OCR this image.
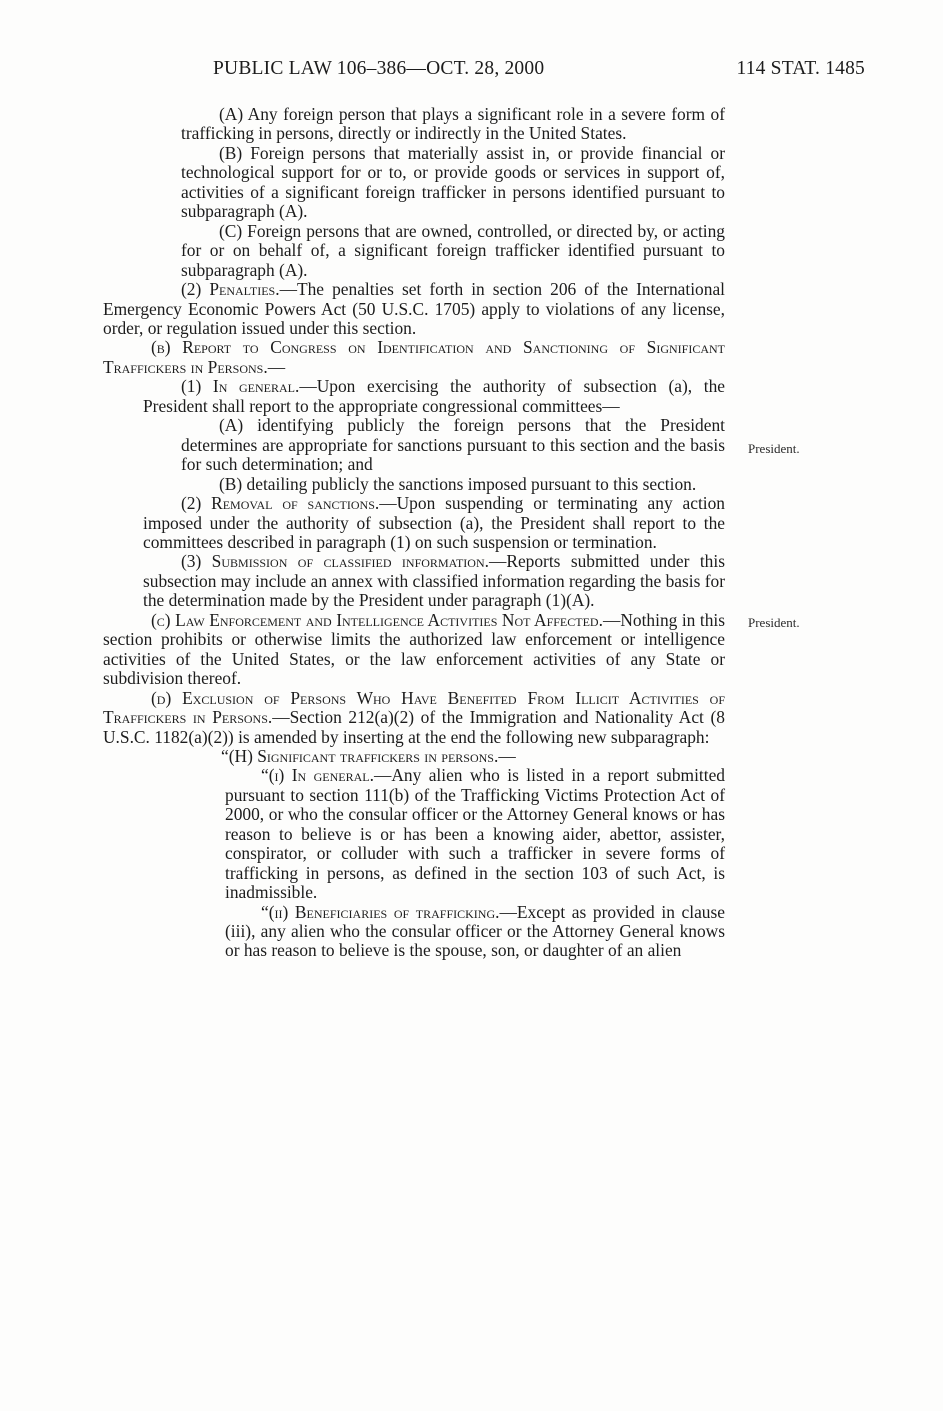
PUBLIC LAW 106–386—OCT. 28, 2000	114 STAT. 1485

(A) Any foreign person that plays a significant role in a severe form of trafficking in persons, directly or indirectly in the United States.

(B) Foreign persons that materially assist in, or provide financial or technological support for or to, or provide goods or services in support of, activities of a significant foreign trafficker in persons identified pursuant to subparagraph (A).

(C) Foreign persons that are owned, controlled, or directed by, or acting for or on behalf of, a significant foreign trafficker identified pursuant to subparagraph (A).

(2) Penalties.—The penalties set forth in section 206 of the International Emergency Economic Powers Act (50 U.S.C. 1705) apply to violations of any license, order, or regulation issued under this section.

(b) Report to Congress on Identification and Sanctioning of Significant Traffickers in Persons.—

(1) In general.—Upon exercising the authority of subsection (a), the President shall report to the appropriate congressional committees—

(A) identifying publicly the foreign persons that the President determines are appropriate for sanctions pursuant to this section and the basis for such determination; and

(B) detailing publicly the sanctions imposed pursuant to this section.

(2) Removal of sanctions.—Upon suspending or terminating any action imposed under the authority of subsection (a), the President shall report to the committees described in paragraph (1) on such suspension or termination.

(3) Submission of classified information.—Reports submitted under this subsection may include an annex with classified information regarding the basis for the determination made by the President under paragraph (1)(A).

(c) Law Enforcement and Intelligence Activities Not Affected.—Nothing in this section prohibits or otherwise limits the authorized law enforcement or intelligence activities of the United States, or the law enforcement activities of any State or subdivision thereof.

(d) Exclusion of Persons Who Have Benefited From Illicit Activities of Traffickers in Persons.—Section 212(a)(2) of the Immigration and Nationality Act (8 U.S.C. 1182(a)(2)) is amended by inserting at the end the following new subparagraph:

“(H) Significant traffickers in persons.—

“(i) In general.—Any alien who is listed in a report submitted pursuant to section 111(b) of the Trafficking Victims Protection Act of 2000, or who the consular officer or the Attorney General knows or has reason to believe is or has been a knowing aider, abettor, assister, conspirator, or colluder with such a trafficker in severe forms of trafficking in persons, as defined in the section 103 of such Act, is inadmissible.

“(ii) Beneficiaries of trafficking.—Except as provided in clause (iii), any alien who the consular officer or the Attorney General knows or has reason to believe is the spouse, son, or daughter of an alien

President.
President.
